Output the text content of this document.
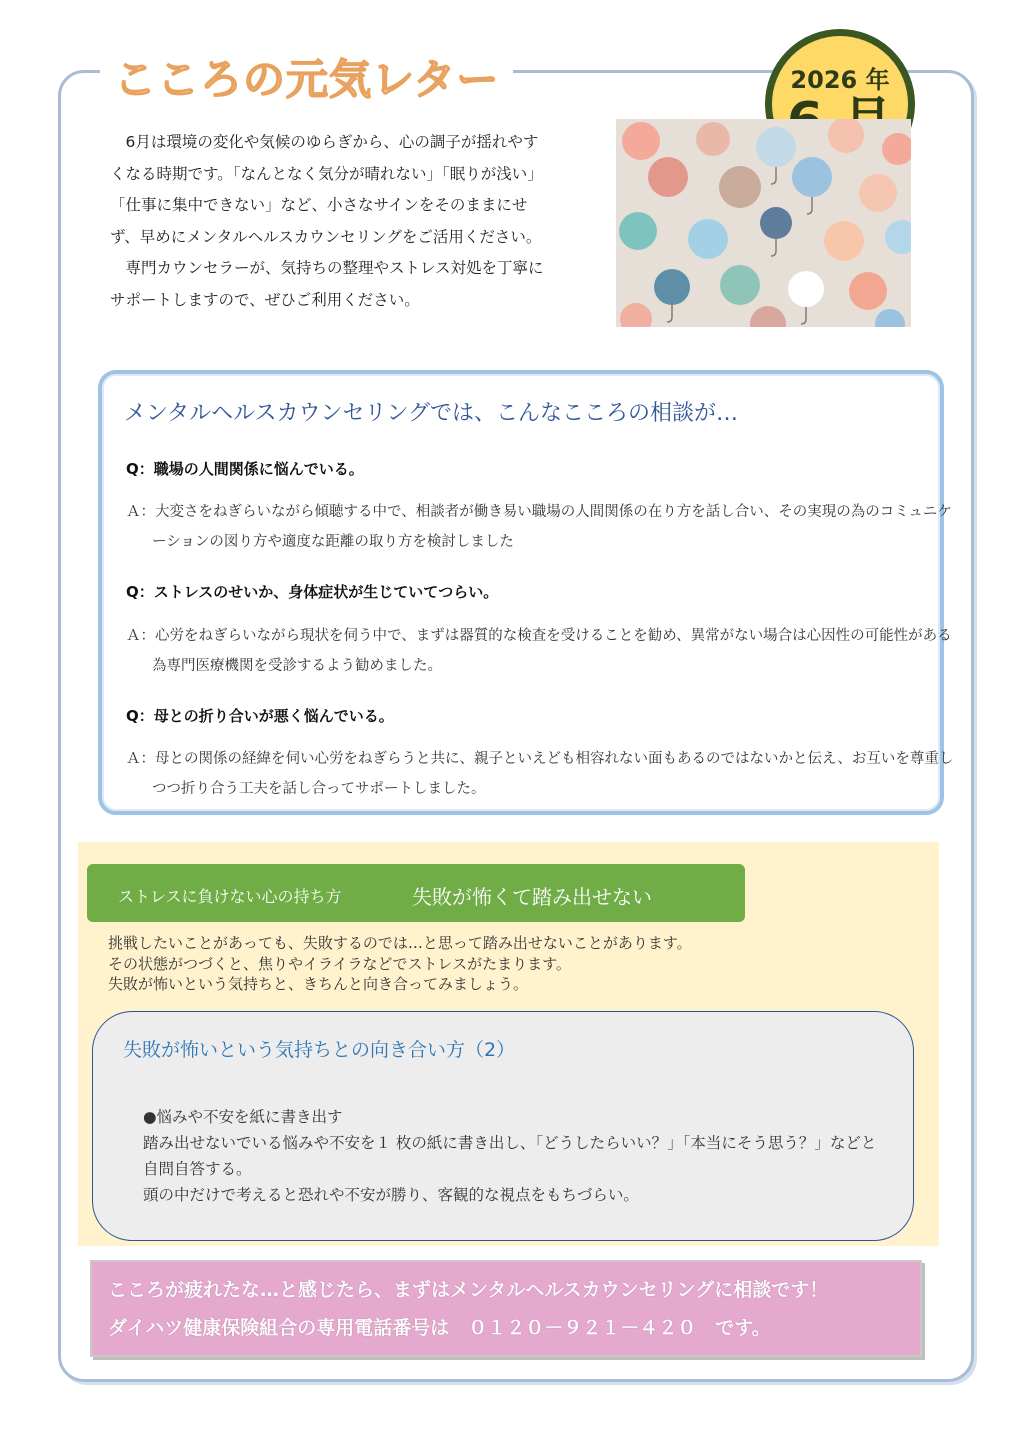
こころの元気レター	2026 年

6月は環境の変化や気候のゆらぎから、心の調子が揺れやすくなる時期です。「なんとなく気分が晴れない」「眠りが浅い」「仕事に集中できない」など、小さなサインをそのままにせず、早めにメンタルヘルスカウンセリングをご活用ください。

専門カウンセラーが、気持ちの整理やストレス対処を丁寧にサポートしますので、ぜひご利用ください。

メンタルヘルスカウンセリングでは、こんなこころの相談が…
Q：職場の人間関係に悩んでいる。
Ａ：大変さをねぎらいながら傾聴する中で、相談者が働き易い職場の人間関係の在り方を話し合い、その実現の為のコミュニケーションの図り方や適度な距離の取り方を検討しました
Q：ストレスのせいか、身体症状が生じていてつらい。
Ａ：心労をねぎらいながら現状を伺う中で、まずは器質的な検査を受けることを勧め、異常がない場合は心因性の可能性がある為専門医療機関を受診するよう勧めました。
Q：母との折り合いが悪く悩んでいる。
Ａ：母との関係の経緯を伺い心労をねぎらうと共に、親子といえども相容れない面もあるのではないかと伝え、お互いを尊重しつつ折り合う工夫を話し合ってサポートしました。
ストレスに負けない心の持ち方	失敗が怖くて踏み出せない
挑戦したいことがあっても、失敗するのでは…と思って踏み出せないことがあります。
その状態がつづくと、焦りやイライラなどでストレスがたまります。
失敗が怖いという気持ちと、きちんと向き合ってみましょう。
失敗が怖いという気持ちとの向き合い方（2）
●悩みや不安を紙に書き出す
踏み出せないでいる悩みや不安を１ 枚の紙に書き出し、「どうしたらいい？」「本当にそう思う？」などと自問自答する。
頭の中だけで考えると恐れや不安が勝り、客観的な視点をもちづらい。
こころが疲れたな…と感じたら、まずはメンタルヘルスカウンセリングに相談です！
ダイハツ健康保険組合の専用電話番号は　０１２０－９２１－４２０　です。
